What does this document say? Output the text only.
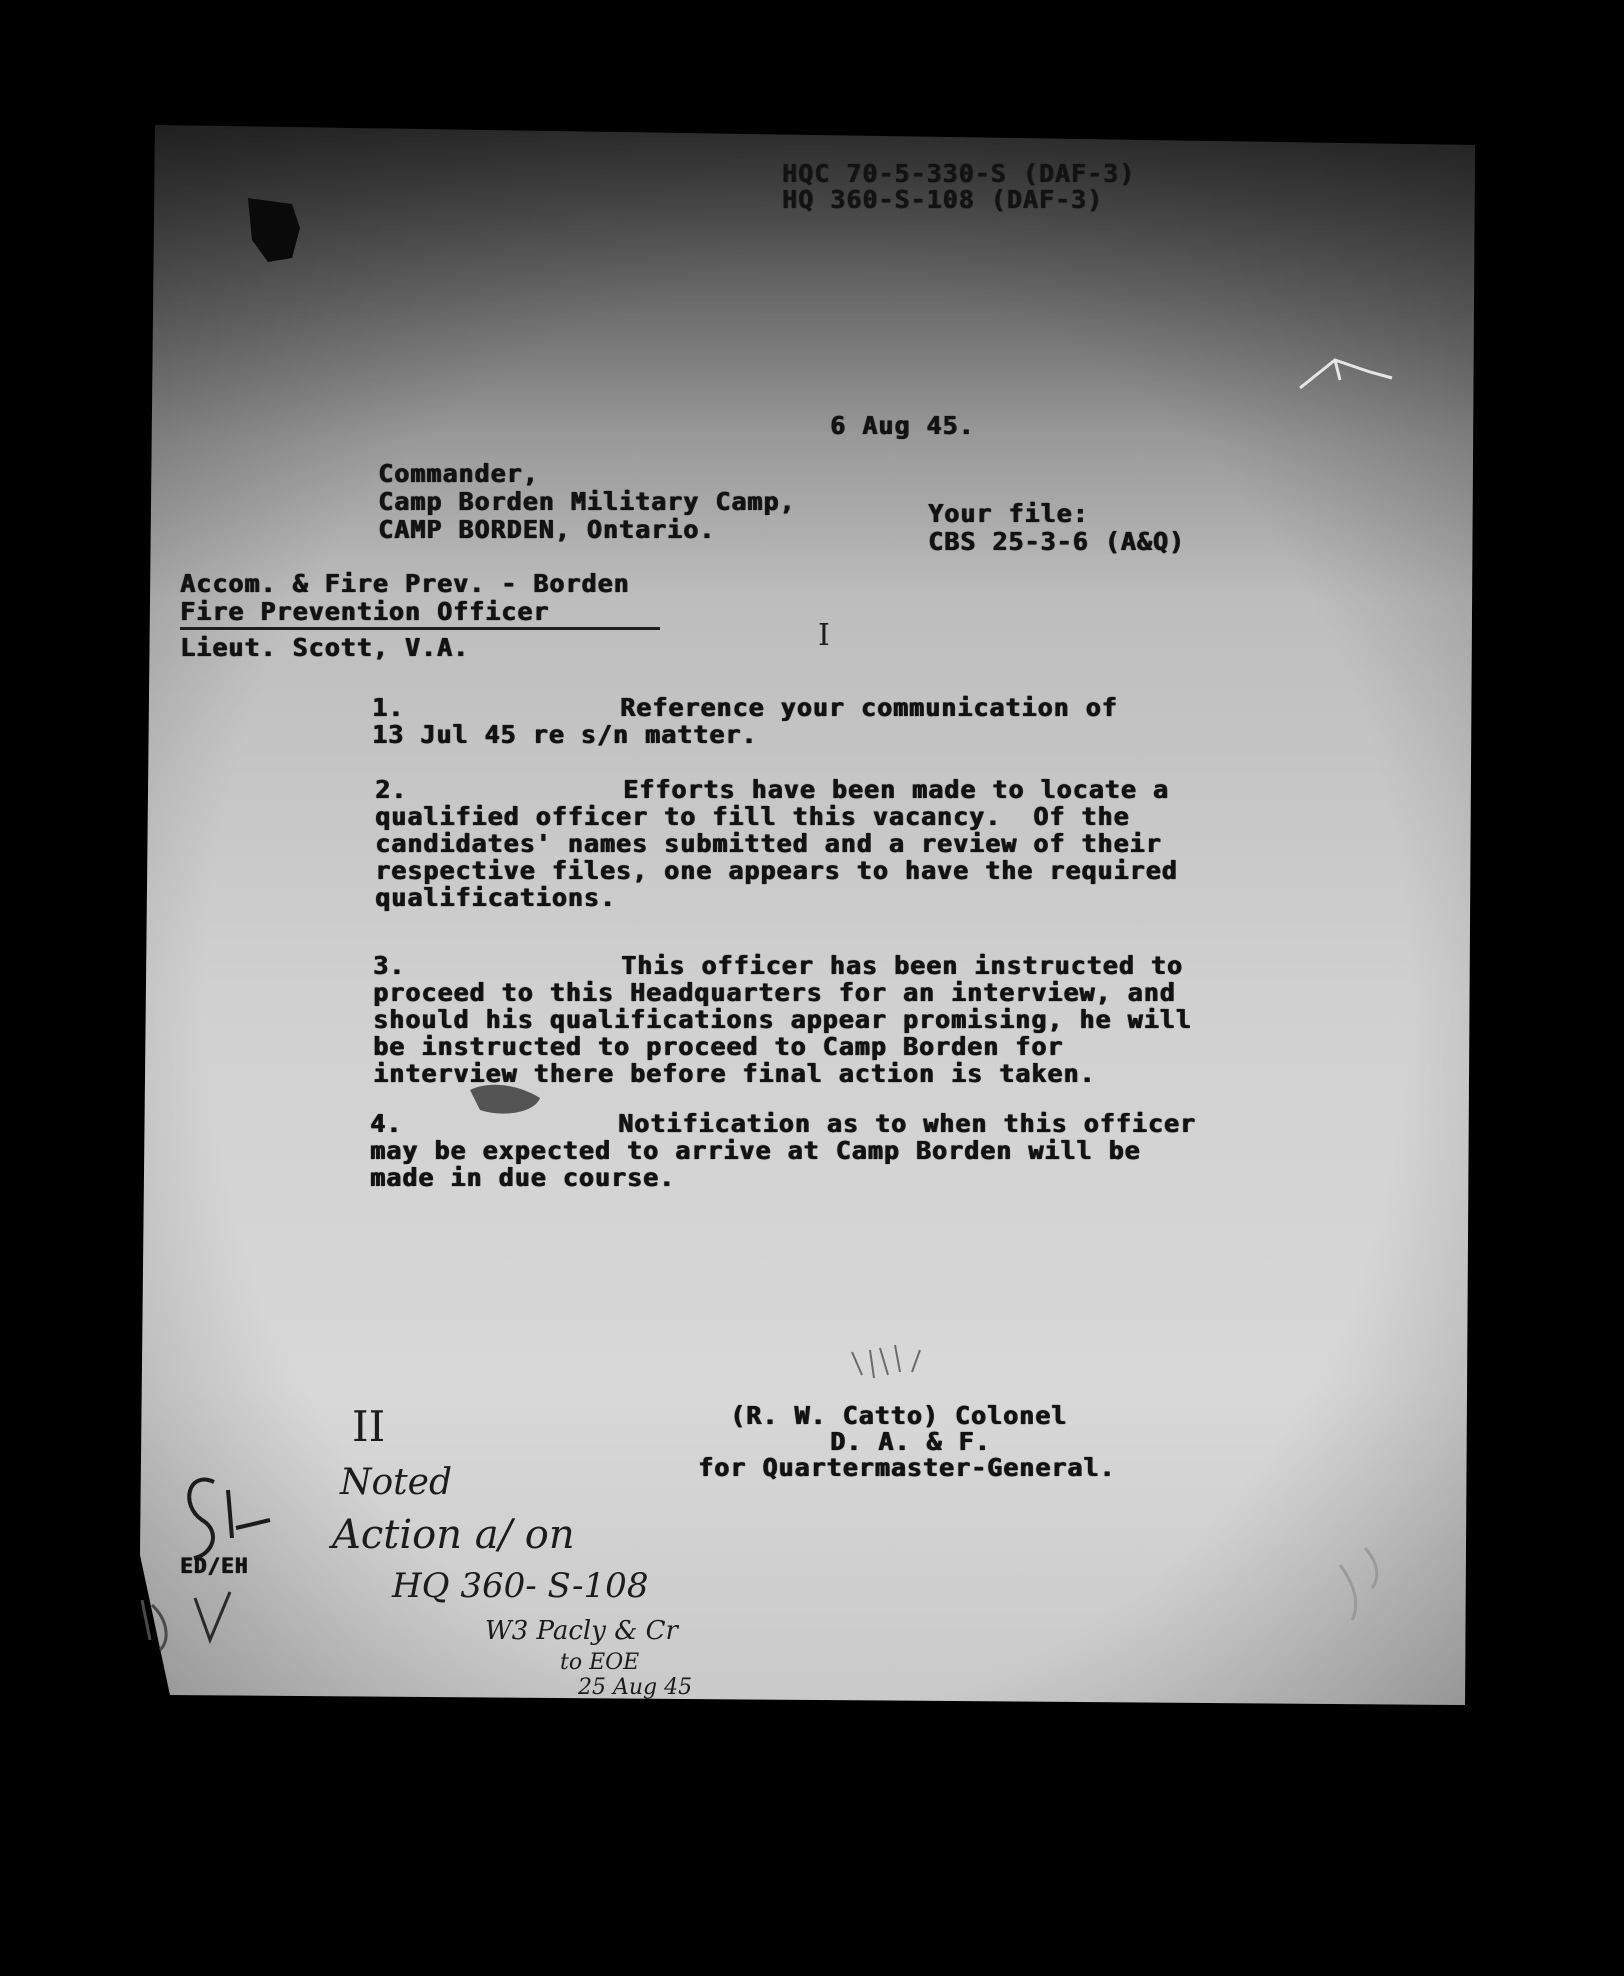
HQC 70-5-330-S (DAF-3)
HQ 360-S-108 (DAF-3)
6 Aug 45.
Commander,
Camp Borden Military Camp,
CAMP BORDEN, Ontario.
Your file:
CBS 25-3-6 (A&Q)
Accom. & Fire Prev. - Borden
Fire Prevention Officer
Lieut. Scott, V.A.	I
1.	Reference your communication of
13 Jul 45 re s/n matter.
2.	Efforts have been made to locate a
qualified officer to fill this vacancy.  Of the
candidates' names submitted and a review of their
respective files, one appears to have the required
qualifications.
3.	This officer has been instructed to
proceed to this Headquarters for an interview, and
should his qualifications appear promising, he will
be instructed to proceed to Camp Borden for
interview there before final action is taken.
4.	Notification as to when this officer
may be expected to arrive at Camp Borden will be
made in due course.
(R. W. Catto) Colonel
D. A. & F.
for Quartermaster-General.
ED/EH
II
Noted
Action a/ on
HQ 360- S-108
W3 Pacly & Cr
to EOE
25 Aug 45
